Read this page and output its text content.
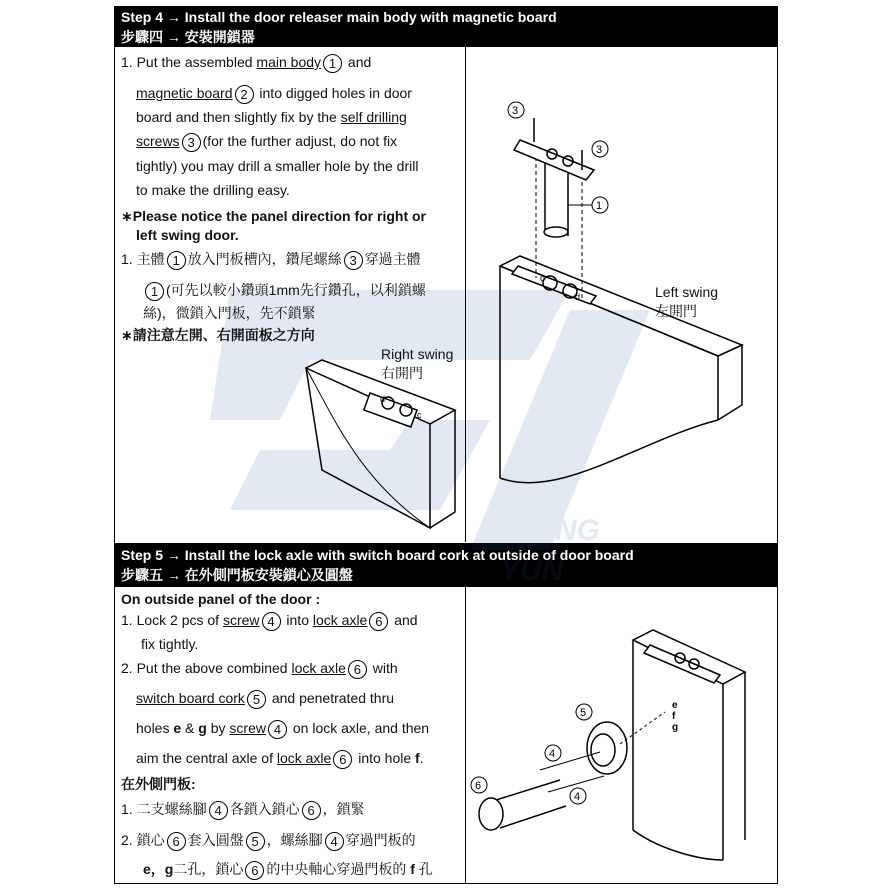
Step 4 → Install the door releaser main body with magnetic board
步驟四 → 安裝開鎖器
Step 5 → Install the lock axle with switch board cork at outside of door board
步驟五 → 在外側門板安裝鎖心及圓盤
CHANG
1. Put the assembled main body 1 and
magnetic board 2 into digged holes in door
board and then slightly fix by the self drilling
screws 3 (for the further adjust, do not fix
tightly) you may drill a smaller hole by the drill
to make the drilling easy.
∗Please notice the panel direction for right or
left swing door.
1. 主體 1 放入門板槽內，鑽尾螺絲 3 穿過主體
1 (可先以較小鑽頭1mm先行鑽孔，以利鎖螺
絲)，微鎖入門板，先不鎖緊
∗請注意左開、右開面板之方向
Right swing
右開門
Left swing
左開門
d
c
c
d
3
3
1
On outside panel of the door :
1. Lock 2 pcs of screw 4 into lock axle 6 and
fix tightly.
2. Put the above combined lock axle 6 with
switch board cork 5 and penetrated thru
holes e & g by screw 4 on lock axle, and then
aim the central axle of lock axle 6 into hole f.
在外側門板:
1. 二支螺絲腳 4 各鎖入鎖心 6 ，鎖緊
2. 鎖心 6 套入圓盤 5 ，螺絲腳 4 穿過門板的
e，g二孔，鎖心 6 的中央軸心穿過門板的 f 孔
e
f
g
5
4
4
6
